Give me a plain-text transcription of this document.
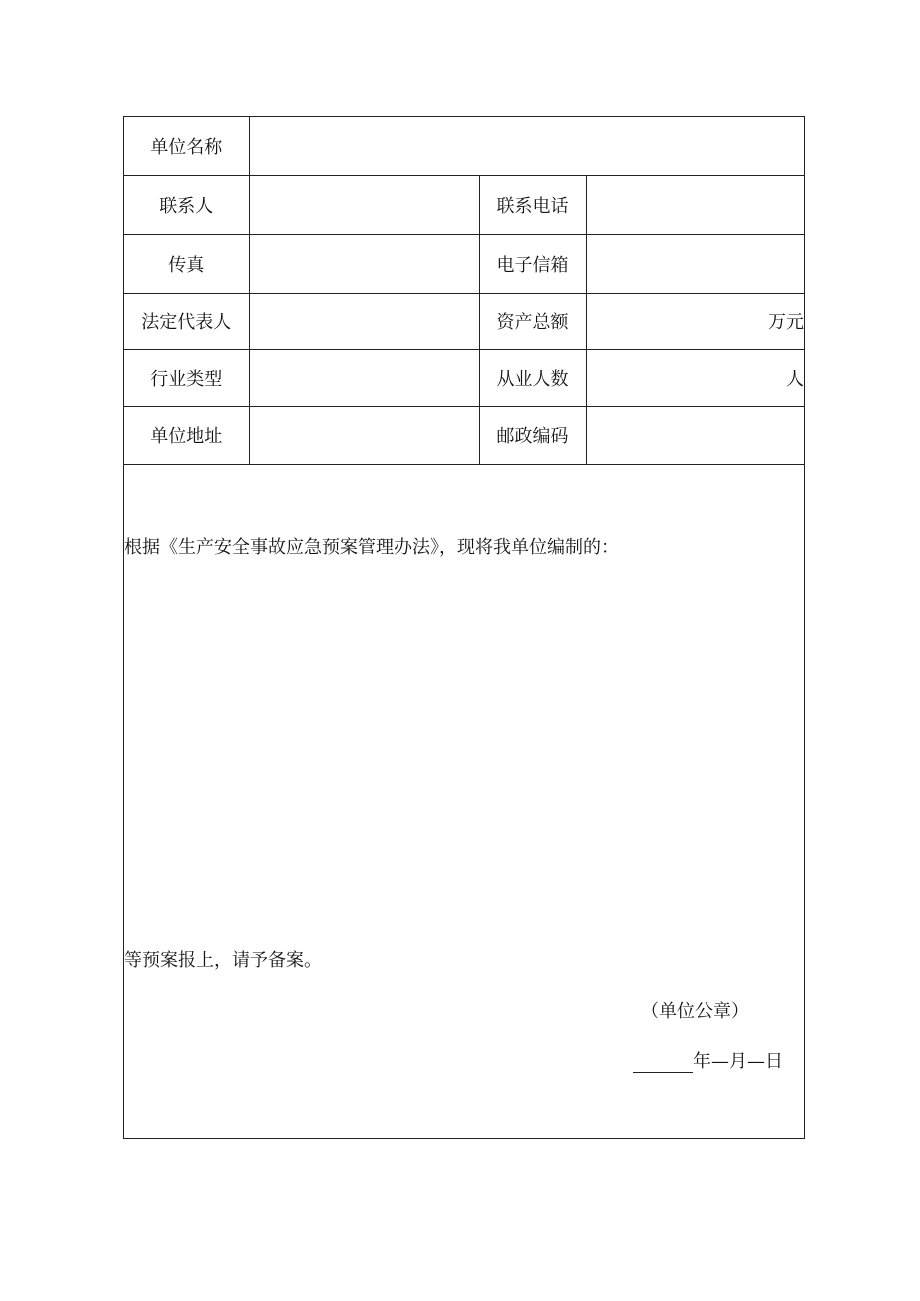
单位名称			
联系人		联系电话	
传真		电子信箱	
法定代表人		资产总额	万元
行业类型		从业人数	人
单位地址		邮政编码	
根据《生产安全事故应急预案管理办法》，现将我单位编制的：
等预案报上，请予备案。
（单位公章）
年—月—日
